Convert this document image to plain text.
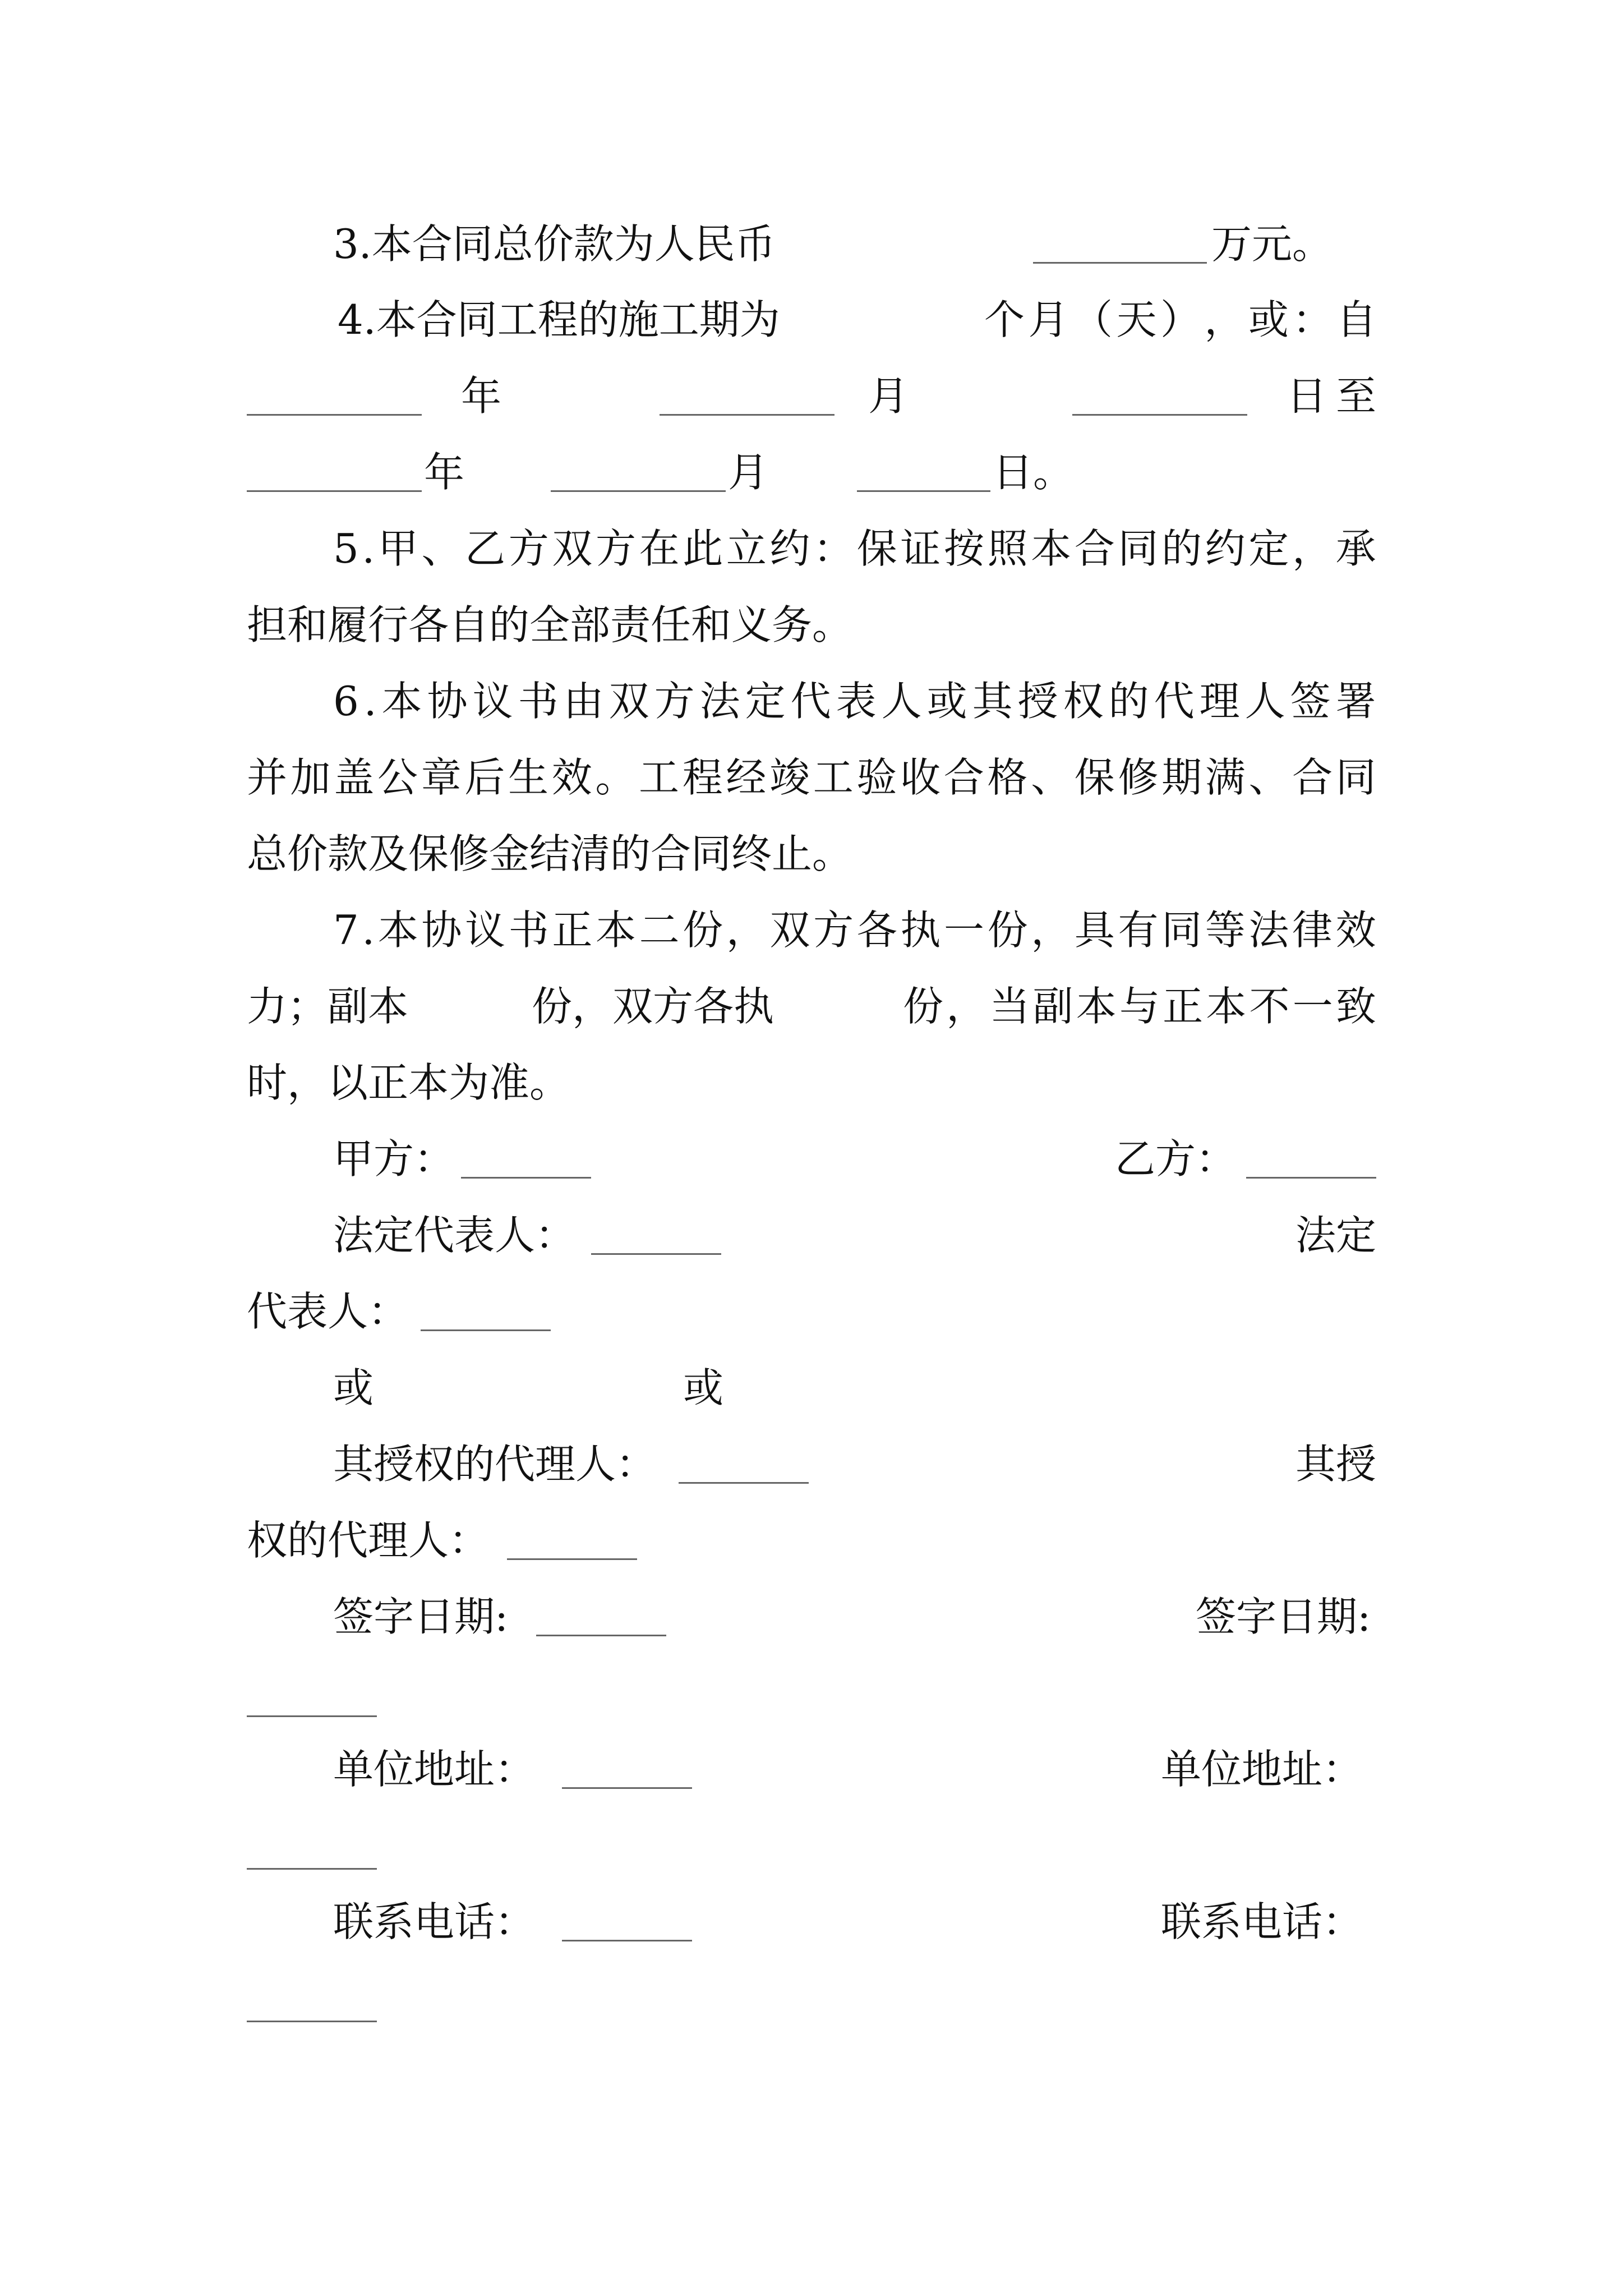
3.本合同总价款为人民币	万元。
4.本合同工程的施工期为	个 月 （ 天 ） ， 或 ： 自
年	月	日 至
年	月	日。
5 . 甲 、 乙 方 双 方 在 此 立 约 ： 保 证 按 照 本 合 同 的 约 定 ， 承
担和履行各自的全部责任和义务。
6 . 本 协 议 书 由 双 方 法 定 代 表 人 或 其 授 权 的 代 理 人 签 署
并 加 盖 公 章 后 生 效 。 工 程 经 竣 工 验 收 合 格 、 保 修 期 满 、 合 同
总价款及保修金结清的合同终止。
7 . 本 协 议 书 正 本 二 份 ， 双 方 各 执 一 份 ， 具 有 同 等 法 律 效
力；副本	份，双方各执	份 ， 当 副 本 与 正 本 不 一 致
时，以正本为准。
甲方：	乙方：
法定代表人：	法定
代表人：
或	或
其授权的代理人：	其授
权的代理人：
签字日期:	签字日期:
单位地址：	单位地址：
联系电话：	联系电话：
